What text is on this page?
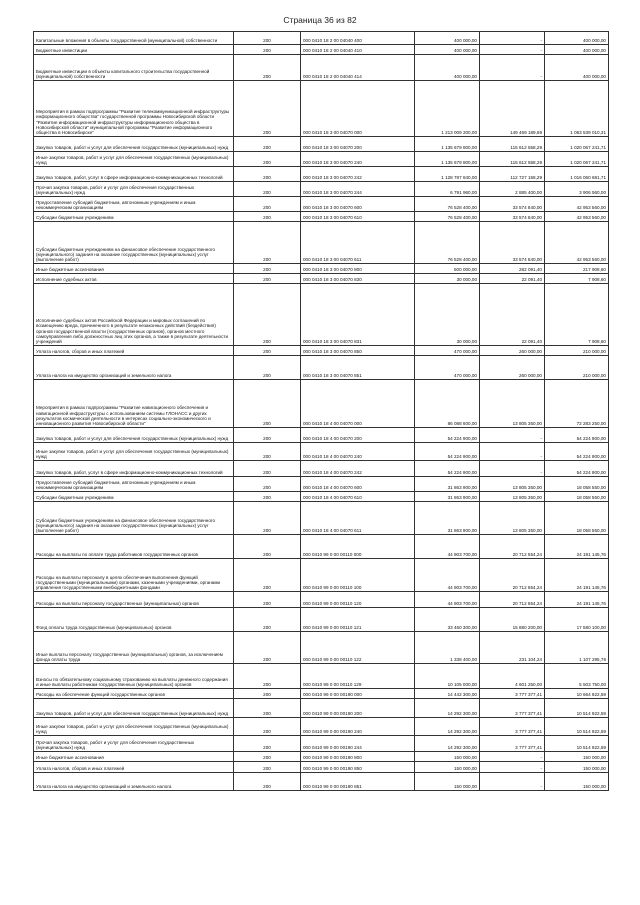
Страница 36 из 82
Капитальные вложения в объекты государственной (муниципальной) собственности	200	000 0410 18 2 00 04040 400	400 000,00	-	400 000,00
Бюджетные инвестиции	200	000 0410 18 2 00 04040 410	400 000,00	-	400 000,00
Бюджетные инвестиции в объекты капитального строительства государственной (муниципальной) собственности	200	000 0410 18 2 00 04040 414	400 000,00	-	400 000,00
Мероприятия в рамках подпрограммы "Развитие телекоммуникационной инфраструктуры информационного общества" государственной программы Новосибирской области "Развитие информационной инфраструктуры информационного общества в Новосибирской области" муниципальной программы "Развитие информационного общества в Новосибирске"	200	000 0410 18 3 00 04070 000	1 213 009 200,00	149 469 189,69	1 063 539 010,31
Закупка товаров, работ и услуг для обеспечения государственных (муниципальных) нужд	200	000 0410 18 3 00 04070 200	1 135 679 800,00	115 612 558,29	1 020 067 241,71
Иные закупки товаров, работ и услуг для обеспечения государственных (муниципальных) нужд	200	000 0410 18 3 00 04070 240	1 135 679 800,00	115 612 558,29	1 020 067 241,71
Закупка товаров, работ, услуг в сфере информационно-коммуникационных технологий	200	000 0410 18 3 00 04070 242	1 128 787 840,00	112 727 158,29	1 016 060 681,71
Прочая закупка товаров, работ и услуг для обеспечения государственных (муниципальных) нужд	200	000 0410 18 3 00 04070 244	6 791 960,00	2 885 400,00	3 906 560,00
Предоставление субсидий бюджетным, автономным учреждениям и иным некоммерческим организациям	200	000 0410 18 3 00 04070 600	76 528 400,00	33 574 840,00	42 953 560,00
Субсидии бюджетным учреждениям	200	000 0410 18 3 00 04070 610	76 528 400,00	33 574 840,00	42 953 560,00
Субсидии бюджетным учреждениям на финансовое обеспечение государственного (муниципального) задания на оказание государственных (муниципальных) услуг (выполнение работ)	200	000 0410 18 3 00 04070 611	76 528 400,00	33 574 840,00	42 953 560,00
Иные бюджетные ассигнования	200	000 0410 18 3 00 04070 800	500 000,00	282 091,40	217 908,60
Исполнение судебных актов	200	000 0410 18 3 00 04070 830	30 000,00	22 091,40	7 908,60
Исполнение судебных актов Российской Федерации и мировых соглашений по возмещению вреда, причиненного в результате незаконных действий (бездействия) органов государственной власти (государственных органов), органов местного самоуправления либо должностных лиц этих органов, а также в результате деятельности учреждений	200	000 0410 18 3 00 04070 831	30 000,00	22 091,40	7 908,60
Уплата налогов, сборов и иных платежей	200	000 0410 18 3 00 04070 850	470 000,00	260 000,00	210 000,00
Уплата налога на имущество организаций и земельного налога	200	000 0410 18 3 00 04070 851	470 000,00	260 000,00	210 000,00
Мероприятия в рамках подпрограммы "Развитие навигационного обеспечения и навигационной инфраструктуры с использованием системы ГЛОНАСС и других результатов космической деятельности в интересах социально-экономического и инновационного развития Новосибирской области"	200	000 0410 18 4 00 04070 000	86 088 600,00	13 805 350,00	72 283 250,00
Закупка товаров, работ и услуг для обеспечения государственных (муниципальных) нужд	200	000 0410 18 4 00 04070 200	54 224 900,00	-	54 224 900,00
Иные закупки товаров, работ и услуг для обеспечения государственных (муниципальных) нужд	200	000 0410 18 4 00 04070 240	54 224 900,00	-	54 224 900,00
Закупка товаров, работ, услуг в сфере информационно-коммуникационных технологий	200	000 0410 18 4 00 04070 242	54 224 900,00	-	54 224 900,00
Предоставление субсидий бюджетным, автономным учреждениям и иным некоммерческим организациям	200	000 0410 18 4 00 04070 600	31 863 900,00	13 805 350,00	18 058 550,00
Субсидии бюджетным учреждениям	200	000 0410 18 4 00 04070 610	31 863 900,00	13 805 350,00	18 058 550,00
Субсидии бюджетным учреждениям на финансовое обеспечение государственного (муниципального) задания на оказание государственных (муниципальных) услуг (выполнение работ)	200	000 0410 18 4 00 04070 611	31 863 900,00	13 805 350,00	18 058 550,00
Расходы на выплаты по оплате труда работников государственных органов	200	000 0410 99 0 00 00110 000	44 903 700,00	20 712 554,24	24 191 145,76
Расходы на выплаты персоналу в целях обеспечения выполнения функций государственными (муниципальными) органами, казенными учреждениями, органами управления государственными внебюджетными фондами	200	000 0410 99 0 00 00110 100	44 903 700,00	20 712 554,24	24 191 145,76
Расходы на выплаты персоналу государственных (муниципальных) органов	200	000 0410 99 0 00 00110 120	44 903 700,00	20 712 554,24	24 191 145,76
Фонд оплаты труда государственных (муниципальных) органов	200	000 0410 99 0 00 00110 121	33 460 300,00	15 880 200,00	17 580 100,00
Иные выплаты персоналу государственных (муниципальных) органов, за исключением фонда оплаты труда	200	000 0410 99 0 00 00110 122	1 338 400,00	231 104,24	1 107 295,76
Взносы по обязательному социальному страхованию на выплаты денежного содержания и иные выплаты работникам государственных (муниципальных) органов	200	000 0410 99 0 00 00110 129	10 105 000,00	4 601 250,00	5 503 750,00
Расходы на обеспечение функций государственных органов	200	000 0410 99 0 00 00190 000	14 442 300,00	3 777 377,41	10 664 922,59
Закупка товаров, работ и услуг для обеспечения государственных (муниципальных) нужд	200	000 0410 99 0 00 00190 200	14 292 300,00	3 777 377,41	10 514 922,59
Иные закупки товаров, работ и услуг для обеспечения государственных (муниципальных) нужд	200	000 0410 99 0 00 00190 240	14 292 300,00	3 777 377,41	10 514 922,59
Прочая закупка товаров, работ и услуг для обеспечения государственных (муниципальных) нужд	200	000 0410 99 0 00 00190 244	14 292 300,00	3 777 377,41	10 514 922,59
Иные бюджетные ассигнования	200	000 0410 99 0 00 00190 800	150 000,00	-	150 000,00
Уплата налогов, сборов и иных платежей	200	000 0410 99 0 00 00190 850	150 000,00	-	150 000,00
Уплата налога на имущество организаций и земельного налога	200	000 0410 99 0 00 00190 851	150 000,00	-	150 000,00
